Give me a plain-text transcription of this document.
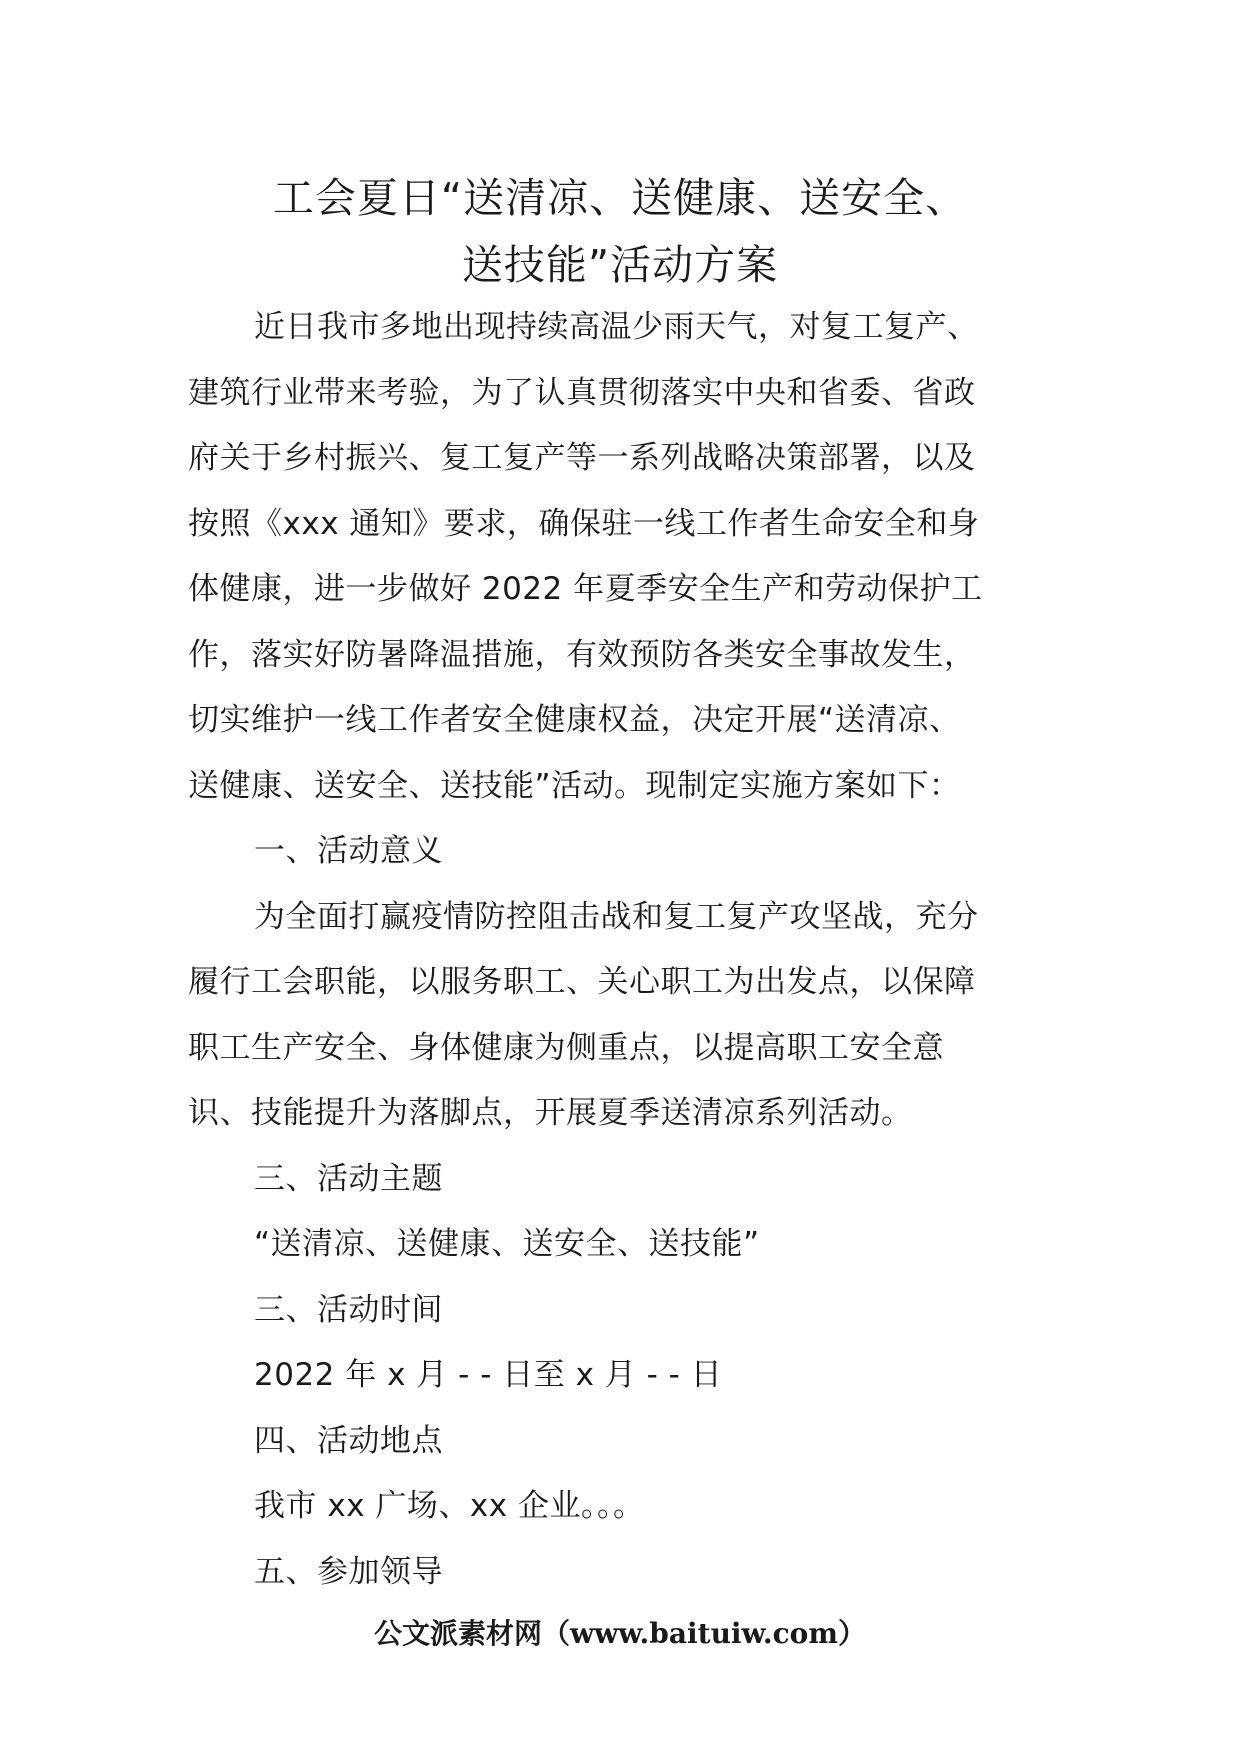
工会夏日“送清凉、送健康、送安全、
送技能”活动方案
近日我市多地出现持续高温少雨天气，对复工复产、
建筑行业带来考验，为了认真贯彻落实中央和省委、省政
府关于乡村振兴、复工复产等一系列战略决策部署，以及
按照《xxx 通知》要求，确保驻一线工作者生命安全和身
体健康，进一步做好 2022 年夏季安全生产和劳动保护工
作，落实好防暑降温措施，有效预防各类安全事故发生，
切实维护一线工作者安全健康权益，决定开展“送清凉、
送健康、送安全、送技能”活动。现制定实施方案如下：
一、活动意义
为全面打赢疫情防控阻击战和复工复产攻坚战，充分
履行工会职能，以服务职工、关心职工为出发点，以保障
职工生产安全、身体健康为侧重点，以提高职工安全意
识、技能提升为落脚点，开展夏季送清凉系列活动。
三、活动主题
“送清凉、送健康、送安全、送技能”
三、活动时间
2022 年 x 月 - - 日至 x 月 - - 日
四、活动地点
我市 xx 广场、xx 企业。。。
五、参加领导
公文派素材网（www.baituiw.com）
